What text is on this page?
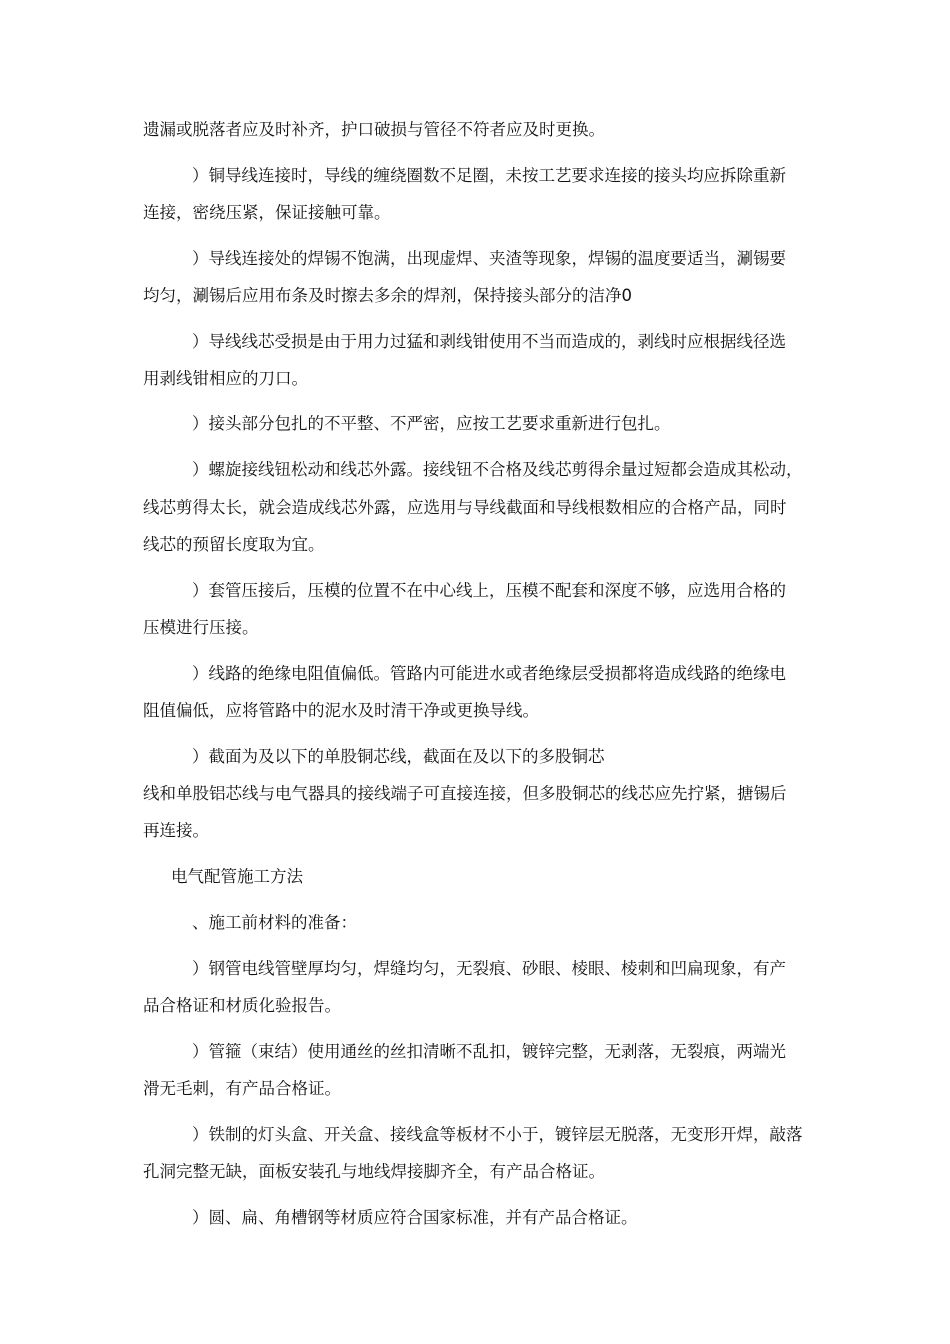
遗漏或脱落者应及时补齐，护口破损与管径不符者应及时更换。
）铜导线连接时，导线的缠绕圈数不足圈，未按工艺要求连接的接头均应拆除重新
连接，密绕压紧，保证接触可靠。
）导线连接处的焊锡不饱满，出现虚焊、夹渣等现象，焊锡的温度要适当，涮锡要
均匀，涮锡后应用布条及时擦去多余的焊剂，保持接头部分的洁净0
）导线线芯受损是由于用力过猛和剥线钳使用不当而造成的，剥线时应根据线径选
用剥线钳相应的刀口。
）接头部分包扎的不平整、不严密，应按工艺要求重新进行包扎。
）螺旋接线钮松动和线芯外露。接线钮不合格及线芯剪得余量过短都会造成其松动，
线芯剪得太长，就会造成线芯外露，应选用与导线截面和导线根数相应的合格产品，同时
线芯的预留长度取为宜。
）套管压接后，压模的位置不在中心线上，压模不配套和深度不够，应选用合格的
压模进行压接。
）线路的绝缘电阻值偏低。管路内可能进水或者绝缘层受损都将造成线路的绝缘电
阻值偏低，应将管路中的泥水及时清干净或更换导线。
）截面为及以下的单股铜芯线，截面在及以下的多股铜芯
线和单股铝芯线与电气器具的接线端子可直接连接，但多股铜芯的线芯应先拧紧，搪锡后
再连接。
电气配管施工方法
、施工前材料的准备：
）钢管电线管壁厚均匀，焊缝均匀，无裂痕、砂眼、棱眼、棱刺和凹扁现象，有产
品合格证和材质化验报告。
）管箍（束结）使用通丝的丝扣清晰不乱扣，镀锌完整，无剥落，无裂痕，两端光
滑无毛刺，有产品合格证。
）铁制的灯头盒、开关盒、接线盒等板材不小于，镀锌层无脱落，无变形开焊，敲落
孔洞完整无缺，面板安装孔与地线焊接脚齐全，有产品合格证。
）圆、扁、角槽钢等材质应符合国家标准，并有产品合格证。
